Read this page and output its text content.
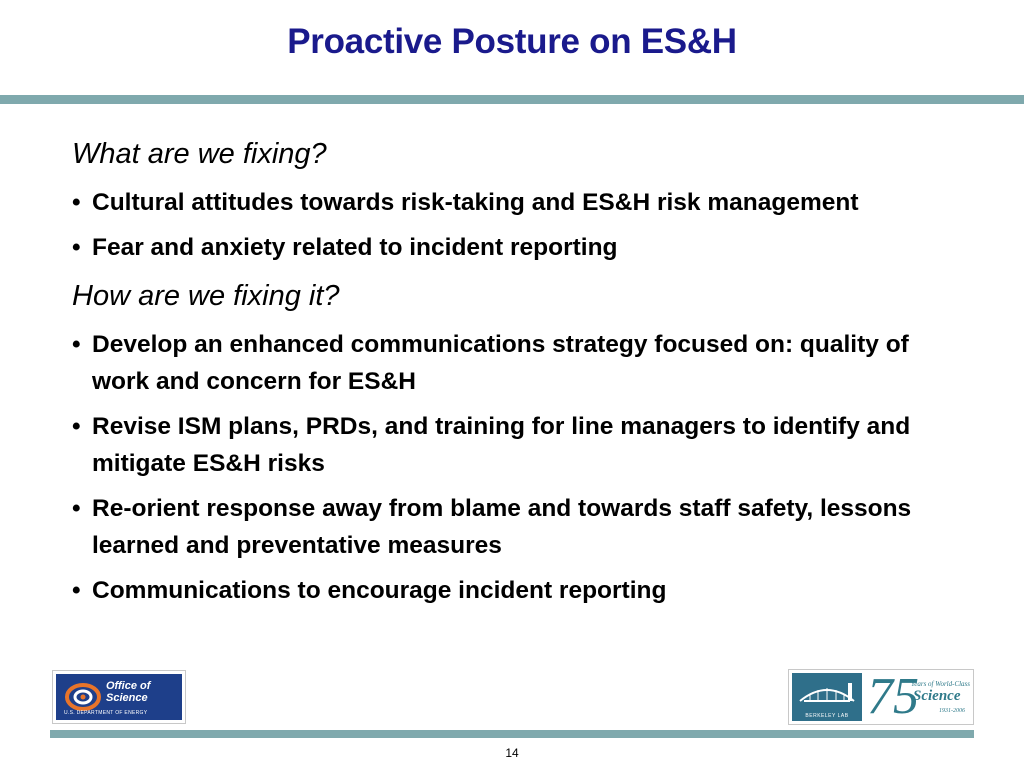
Proactive Posture on ES&H
What are we fixing?
• Cultural attitudes towards risk-taking and ES&H risk management
• Fear and anxiety related to incident reporting
How are we fixing it?
• Develop an enhanced communications strategy focused on: quality of work and concern for ES&H
• Revise ISM plans, PRDs, and training for line managers to identify and mitigate ES&H risks
• Re-orient response away from blame and towards staff safety, lessons learned and preventative measures
• Communications to encourage incident reporting
Office of Science
U.S. DEPARTMENT OF ENERGY	BERKELEY LAB 75
Years of World-Class
Science
1931-2006
14
